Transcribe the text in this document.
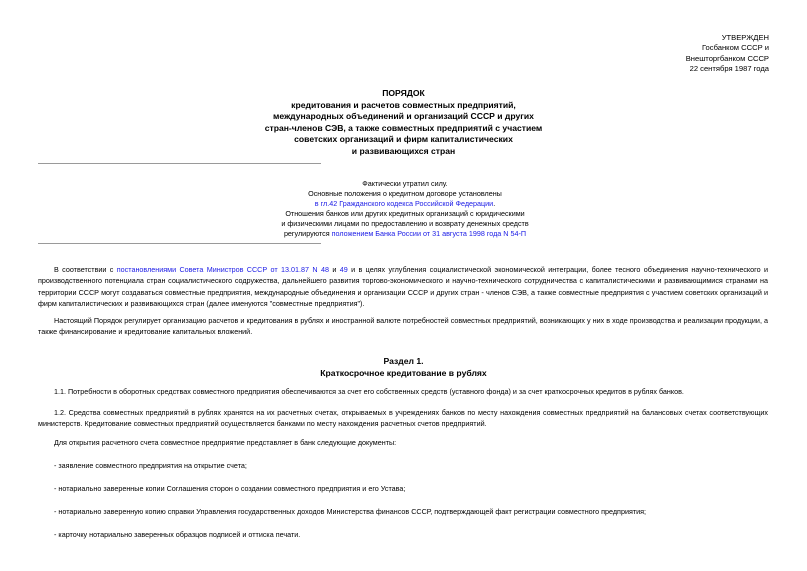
УТВЕРЖДЕН
Госбанком СССР и
Внешторгбанком СССР
22 сентября 1987 года
ПОРЯДОК
кредитования и расчетов совместных предприятий,
международных объединений и организаций СССР и других
стран-членов СЭВ, а также совместных предприятий с участием
советских организаций и фирм капиталистических
и развивающихся стран
Фактически утратил силу.
Основные положения о кредитном договоре установлены
в гл.42 Гражданского кодекса Российской Федерации.
Отношения банков или других кредитных организаций с юридическими
и физическими лицами по предоставлению и возврату денежных средств
регулируются положением Банка России от 31 августа 1998 года N 54-П
В соответствии с постановлениями Совета Министров СССР от 13.01.87 N 48 и 49 и в целях углубления социалистической экономической интеграции, более тесного объединения научно-технического и производственного потенциала стран социалистического содружества, дальнейшего развития торгово-экономического и научно-технического сотрудничества с капиталистическими и развивающимися странами на территории СССР могут создаваться совместные предприятия, международные объединения и организации СССР и других стран - членов СЭВ, а также совместные предприятия с участием советских организаций и фирм капиталистических и развивающихся стран (далее именуются "совместные предприятия").
Настоящий Порядок регулирует организацию расчетов и кредитования в рублях и иностранной валюте потребностей совместных предприятий, возникающих у них в ходе производства и реализации продукции, а также финансирование и кредитование капитальных вложений.
Раздел 1.
Краткосрочное кредитование в рублях
1.1. Потребности в оборотных средствах совместного предприятия обеспечиваются за счет его собственных средств (уставного фонда) и за счет краткосрочных кредитов в рублях банков.
1.2. Средства совместных предприятий в рублях хранятся на их расчетных счетах, открываемых в учреждениях банков по месту нахождения совместных предприятий на балансовых счетах соответствующих министерств. Кредитование совместных предприятий осуществляется банками по месту нахождения расчетных счетов предприятий.
Для открытия расчетного счета совместное предприятие представляет в банк следующие документы:
- заявление совместного предприятия на открытие счета;
- нотариально заверенные копии Соглашения сторон о создании совместного предприятия и его Устава;
- нотариально заверенную копию справки Управления государственных доходов Министерства финансов СССР, подтверждающей факт регистрации совместного предприятия;
- карточку нотариально заверенных образцов подписей и оттиска печати.
